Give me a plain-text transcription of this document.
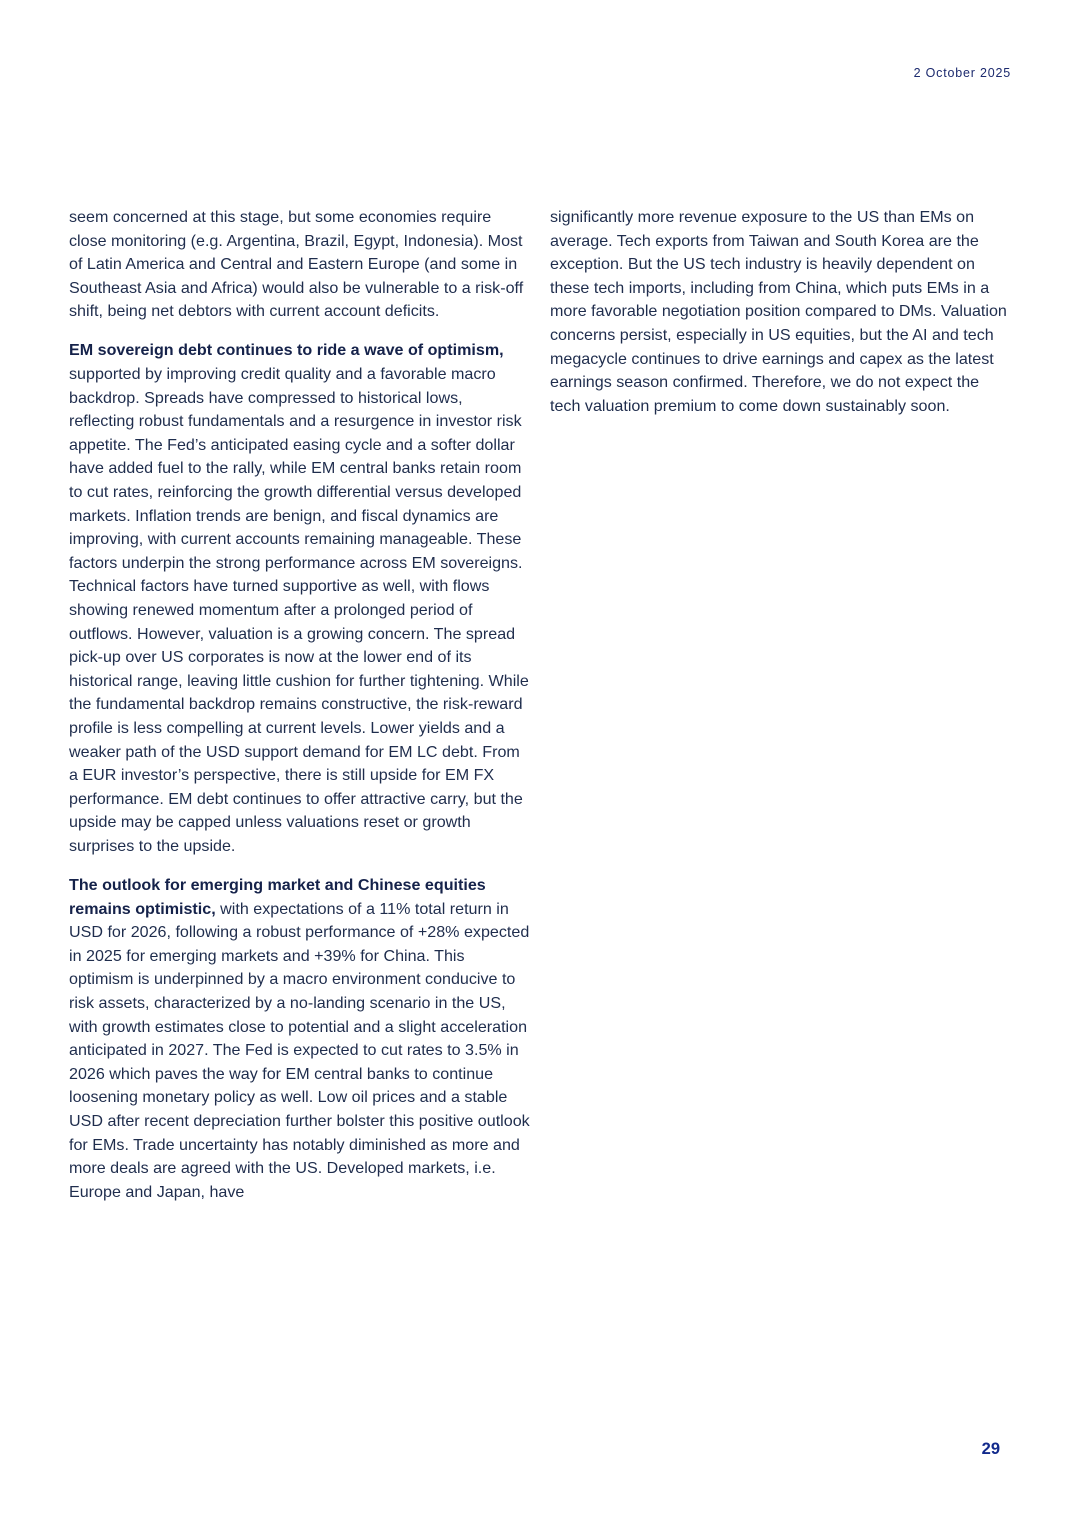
2 October 2025

seem concerned at this stage, but some economies require close monitoring (e.g. Argentina, Brazil, Egypt, Indonesia). Most of Latin America and Central and Eastern Europe (and some in Southeast Asia and Africa) would also be vulnerable to a risk-off shift, being net debtors with current account deficits.

EM sovereign debt continues to ride a wave of optimism, supported by improving credit quality and a favorable macro backdrop. Spreads have compressed to historical lows, reflecting robust fundamentals and a resurgence in investor risk appetite. The Fed’s anticipated easing cycle and a softer dollar have added fuel to the rally, while EM central banks retain room to cut rates, reinforcing the growth differential versus developed markets. Inflation trends are benign, and fiscal dynamics are improving, with current accounts remaining manageable. These factors underpin the strong performance across EM sovereigns. Technical factors have turned supportive as well, with flows showing renewed momentum after a prolonged period of outflows. However, valuation is a growing concern. The spread pick-up over US corporates is now at the lower end of its historical range, leaving little cushion for further tightening. While the fundamental backdrop remains constructive, the risk-reward profile is less compelling at current levels. Lower yields and a weaker path of the USD support demand for EM LC debt. From a EUR investor’s perspective, there is still upside for EM FX performance. EM debt continues to offer attractive carry, but the upside may be capped unless valuations reset or growth surprises to the upside.

The outlook for emerging market and Chinese equities remains optimistic, with expectations of a 11% total return in USD for 2026, following a robust performance of +28% expected in 2025 for emerging markets and +39% for China. This optimism is underpinned by a macro environment conducive to risk assets, characterized by a no-landing scenario in the US, with growth estimates close to potential and a slight acceleration anticipated in 2027. The Fed is expected to cut rates to 3.5% in 2026 which paves the way for EM central banks to continue loosening monetary policy as well. Low oil prices and a stable USD after recent depreciation further bolster this positive outlook for EMs. Trade uncertainty has notably diminished as more and more deals are agreed with the US. Developed markets, i.e. Europe and Japan, have

significantly more revenue exposure to the US than EMs on average. Tech exports from Taiwan and South Korea are the exception. But the US tech industry is heavily dependent on these tech imports, including from China, which puts EMs in a more favorable negotiation position compared to DMs. Valuation concerns persist, especially in US equities, but the AI and tech megacycle continues to drive earnings and capex as the latest earnings season confirmed. Therefore, we do not expect the tech valuation premium to come down sustainably soon.

29
